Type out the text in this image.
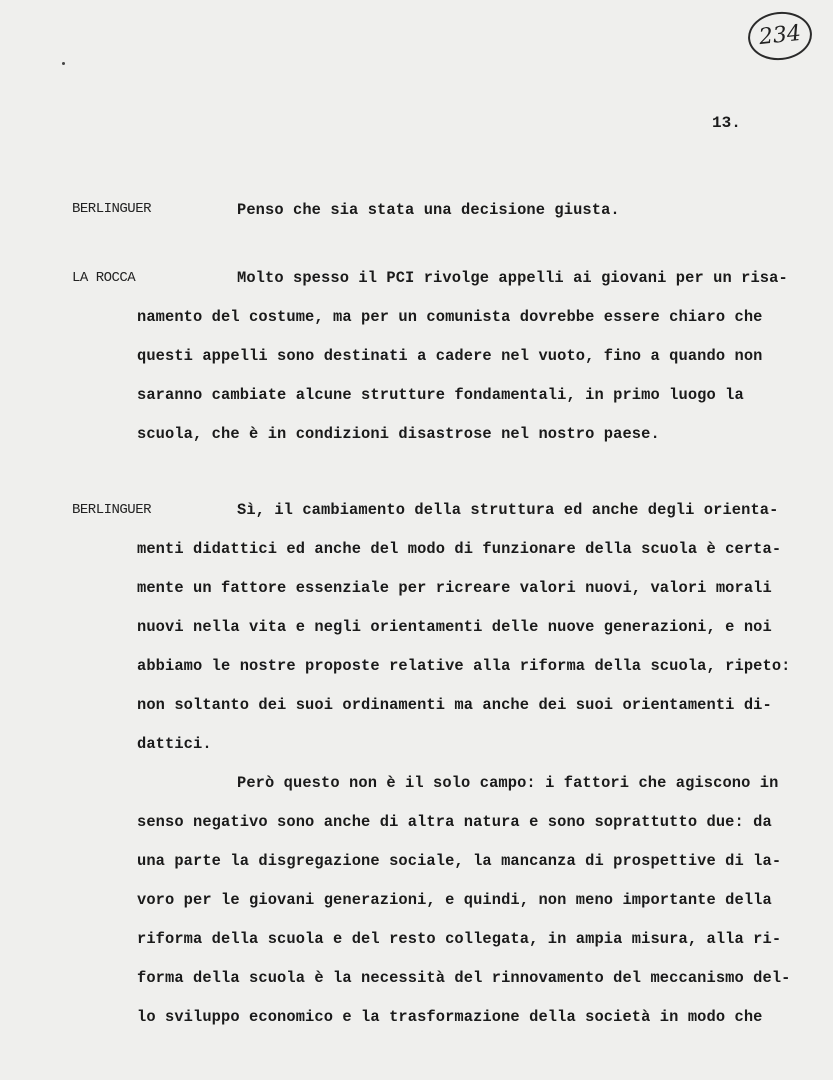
234
13.
BERLINGUER	Penso che sia stata una decisione giusta.
LA ROCCA	Molto spesso il PCI rivolge appelli ai giovani per un risa-
namento del costume, ma per un comunista dovrebbe essere chiaro che
questi appelli sono destinati a cadere nel vuoto, fino a quando non
saranno cambiate alcune strutture fondamentali, in primo luogo la
scuola, che è in condizioni disastrose nel nostro paese.
BERLINGUER	Sì, il cambiamento della struttura ed anche degli orienta-
menti didattici ed anche del modo di funzionare della scuola è certa-
mente un fattore essenziale per ricreare valori nuovi, valori morali
nuovi nella vita e negli orientamenti delle nuove generazioni, e noi
abbiamo le nostre proposte relative alla riforma della scuola, ripeto:
non soltanto dei suoi ordinamenti ma anche dei suoi orientamenti di-
dattici.
Però questo non è il solo campo: i fattori che agiscono in
senso negativo sono anche di altra natura e sono soprattutto due: da
una parte la disgregazione sociale, la mancanza di prospettive di la-
voro per le giovani generazioni, e quindi, non meno importante della
riforma della scuola e del resto collegata, in ampia misura, alla ri-
forma della scuola è la necessità del rinnovamento del meccanismo del-
lo sviluppo economico e la trasformazione della società in modo che
